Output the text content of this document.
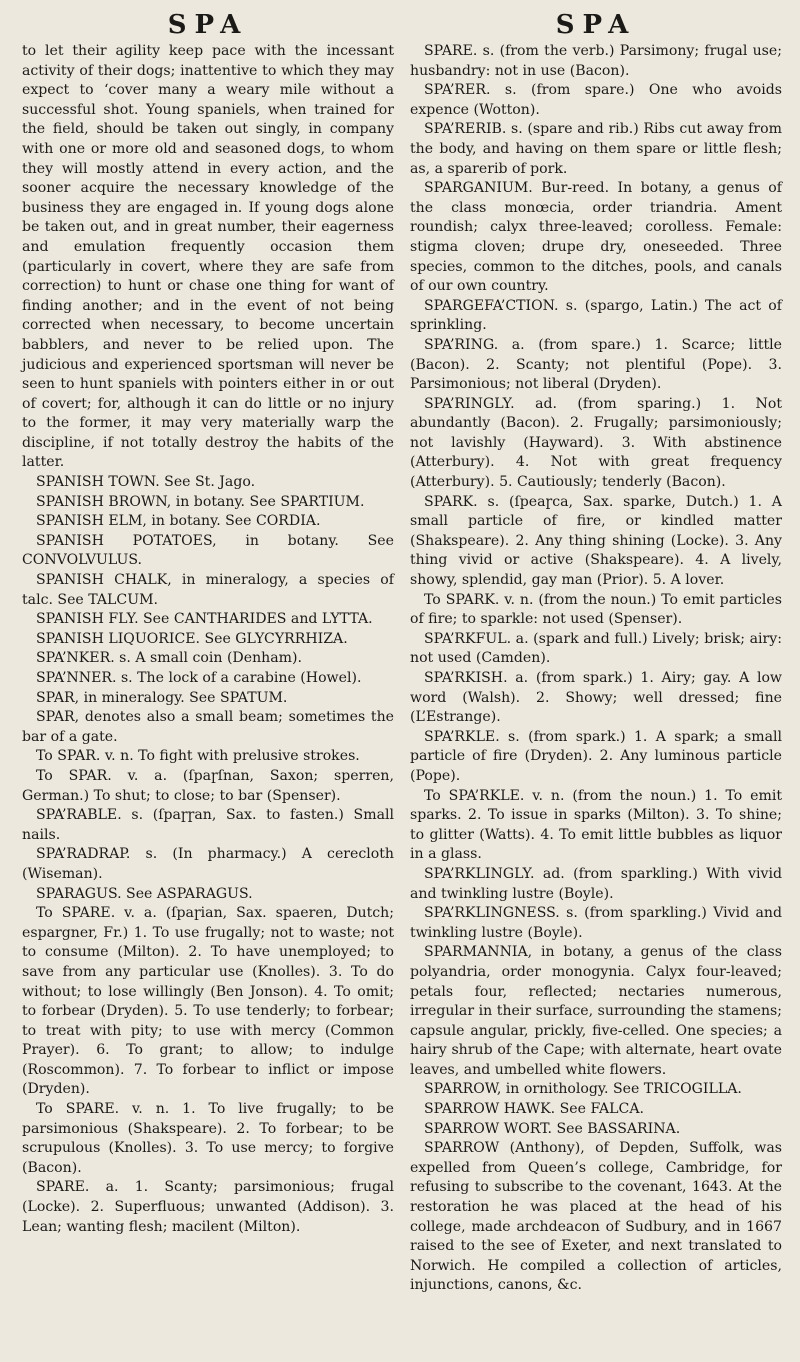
SPA

to let their agility keep pace with the incessant activity of their dogs; inattentive to which they may expect to ‘cover many a weary mile without a successful shot. Young spaniels, when trained for the field, should be taken out singly, in company with one or more old and seasoned dogs, to whom they will mostly attend in every action, and the sooner acquire the necessary knowledge of the business they are engaged in. If young dogs alone be taken out, and in great number, their eagerness and emulation frequently occasion them (particularly in covert, where they are safe from correction) to hunt or chase one thing for want of finding another; and in the event of not being corrected when necessary, to become uncertain babblers, and never to be relied upon. The judicious and experienced sportsman will never be seen to hunt spaniels with pointers either in or out of covert; for, although it can do little or no injury to the former, it may very materially warp the discipline, if not totally destroy the habits of the latter.

SPANISH TOWN. See St. Jago.

SPANISH BROWN, in botany. See SPARTIUM.

SPANISH ELM, in botany. See CORDIA.

SPANISH POTATOES, in botany. See CONVOLVULUS.

SPANISH CHALK, in mineralogy, a species of talc. See TALCUM.

SPANISH FLY. See CANTHARIDES and LYTTA.

SPANISH LIQUORICE. See GLYCYRRHIZA.

SPA’NKER. s. A small coin (Denham).

SPA’NNER. s. The lock of a carabine (Howel).

SPAR, in mineralogy. See SPATUM.

SPAR, denotes also a small beam; sometimes the bar of a gate.

To SPAR. v. n. To fight with prelusive strokes.

To SPAR. v. a. (ſpaɼſnan, Saxon; sperren, German.) To shut; to close; to bar (Spenser).

SPA’RABLE. s. (ſpaɼɼan, Sax. to fasten.) Small nails.

SPA’RADRAP. s. (In pharmacy.) A cerecloth (Wiseman).

SPARAGUS. See ASPARAGUS.

To SPARE. v. a. (ſpaɼian, Sax. spaeren, Dutch; espargner, Fr.) 1. To use frugally; not to waste; not to consume (Milton). 2. To have unemployed; to save from any particular use (Knolles). 3. To do without; to lose willingly (Ben Jonson). 4. To omit; to forbear (Dryden). 5. To use tenderly; to forbear; to treat with pity; to use with mercy (Common Prayer). 6. To grant; to allow; to indulge (Roscommon). 7. To forbear to inflict or impose (Dryden).

To SPARE. v. n. 1. To live frugally; to be parsimonious (Shakspeare). 2. To forbear; to be scrupulous (Knolles). 3. To use mercy; to forgive (Bacon).

SPARE. a. 1. Scanty; parsimonious; frugal (Locke). 2. Superfluous; unwanted (Addison). 3. Lean; wanting flesh; macilent (Milton).

SPA

SPARE. s. (from the verb.) Parsimony; frugal use; husbandry: not in use (Bacon).

SPA’RER. s. (from spare.) One who avoids expence (Wotton).

SPA’RERIB. s. (spare and rib.) Ribs cut away from the body, and having on them spare or little flesh; as, a sparerib of pork.

SPARGANIUM. Bur-reed. In botany, a genus of the class monœcia, order triandria. Ament roundish; calyx three-leaved; corolless. Female: stigma cloven; drupe dry, oneseeded. Three species, common to the ditches, pools, and canals of our own country.

SPARGEFA’CTION. s. (spargo, Latin.) The act of sprinkling.

SPA’RING. a. (from spare.) 1. Scarce; little (Bacon). 2. Scanty; not plentiful (Pope). 3. Parsimonious; not liberal (Dryden).

SPA’RINGLY. ad. (from sparing.) 1. Not abundantly (Bacon). 2. Frugally; parsimoniously; not lavishly (Hayward). 3. With abstinence (Atterbury). 4. Not with great frequency (Atterbury). 5. Cautiously; tenderly (Bacon).

SPARK. s. (ſpeaɼca, Sax. sparke, Dutch.) 1. A small particle of fire, or kindled matter (Shakspeare). 2. Any thing shining (Locke). 3. Any thing vivid or active (Shakspeare). 4. A lively, showy, splendid, gay man (Prior). 5. A lover.

To SPARK. v. n. (from the noun.) To emit particles of fire; to sparkle: not used (Spenser).

SPA’RKFUL. a. (spark and full.) Lively; brisk; airy: not used (Camden).

SPA’RKISH. a. (from spark.) 1. Airy; gay. A low word (Walsh). 2. Showy; well dressed; fine (L’Estrange).

SPA’RKLE. s. (from spark.) 1. A spark; a small particle of fire (Dryden). 2. Any luminous particle (Pope).

To SPA’RKLE. v. n. (from the noun.) 1. To emit sparks. 2. To issue in sparks (Milton). 3. To shine; to glitter (Watts). 4. To emit little bubbles as liquor in a glass.

SPA’RKLINGLY. ad. (from sparkling.) With vivid and twinkling lustre (Boyle).

SPA’RKLINGNESS. s. (from sparkling.) Vivid and twinkling lustre (Boyle).

SPARMANNIA, in botany, a genus of the class polyandria, order monogynia. Calyx four-leaved; petals four, reflected; nectaries numerous, irregular in their surface, surrounding the stamens; capsule angular, prickly, five-celled. One species; a hairy shrub of the Cape; with alternate, heart ovate leaves, and umbelled white flowers.

SPARROW, in ornithology. See TRICOGILLA.

SPARROW HAWK. See FALCA.

SPARROW WORT. See BASSARINA.

SPARROW (Anthony), of Depden, Suffolk, was expelled from Queen’s college, Cambridge, for refusing to subscribe to the covenant, 1643. At the restoration he was placed at the head of his college, made archdeacon of Sudbury, and in 1667 raised to the see of Exeter, and next translated to Norwich. He compiled a collection of articles, injunctions, canons, &c.
